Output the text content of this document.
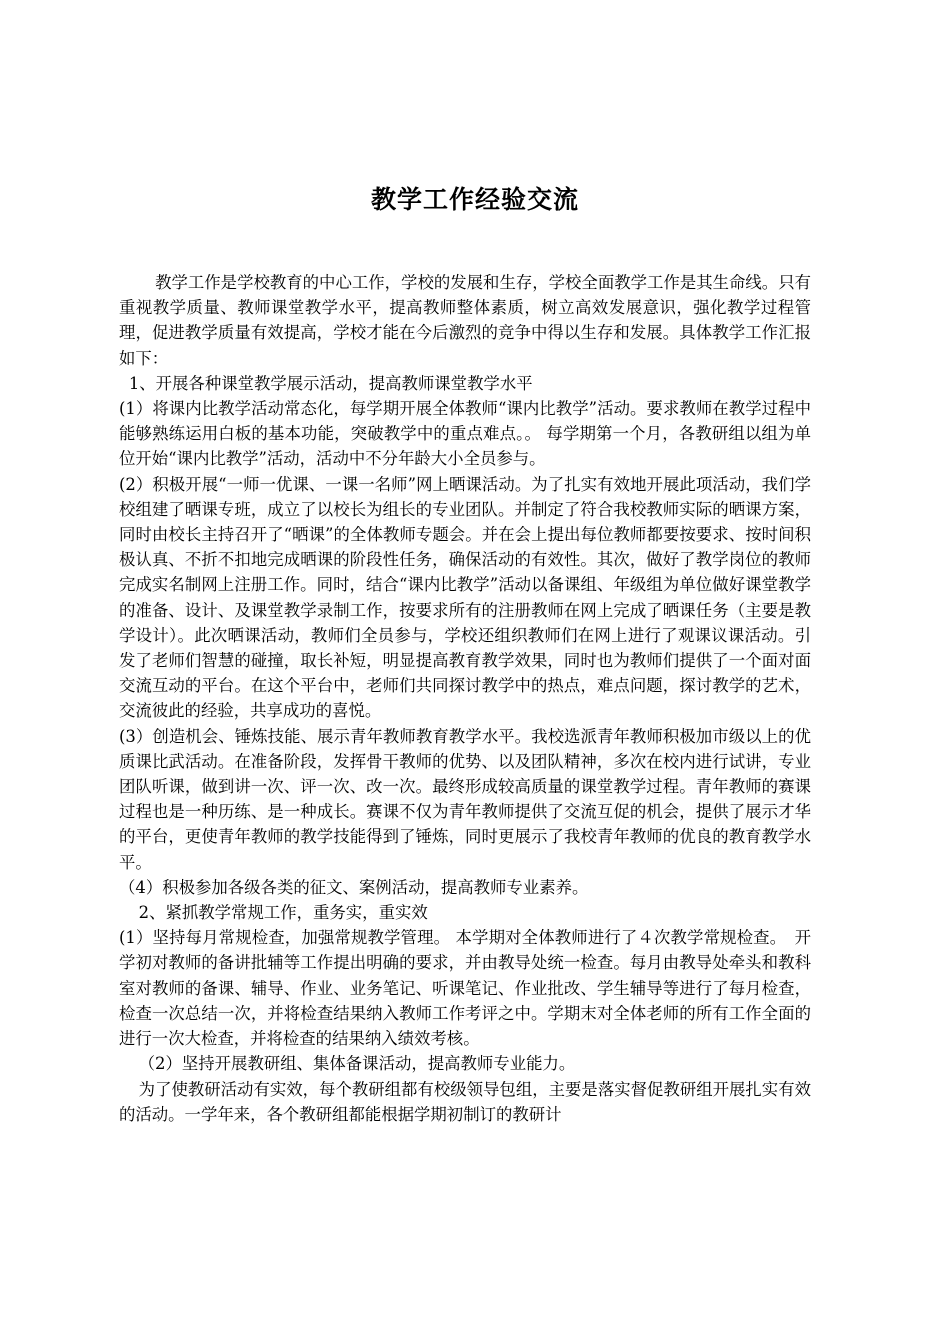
教学工作经验交流

教学工作是学校教育的中心工作，学校的发展和生存，学校全面教学工作是其生命线。只有重视教学质量、教师课堂教学水平，提高教师整体素质，树立高效发展意识，强化教学过程管理，促进教学质量有效提高，学校才能在今后激烈的竞争中得以生存和发展。具体教学工作汇报如下：

1、开展各种课堂教学展示活动，提高教师课堂教学水平

(1）将课内比教学活动常态化，每学期开展全体教师“课内比教学”活动。要求教师在教学过程中能够熟练运用白板的基本功能，突破教学中的重点难点。。 每学期第一个月，各教研组以组为单位开始“课内比教学”活动，活动中不分年龄大小全员参与。

(2）积极开展“一师一优课、一课一名师”网上晒课活动。为了扎实有效地开展此项活动，我们学校组建了晒课专班，成立了以校长为组长的专业团队。并制定了符合我校教师实际的晒课方案，同时由校长主持召开了“晒课”的全体教师专题会。并在会上提出每位教师都要按要求、按时间积极认真、不折不扣地完成晒课的阶段性任务，确保活动的有效性。其次，做好了教学岗位的教师完成实名制网上注册工作。同时，结合“课内比教学”活动以备课组、年级组为单位做好课堂教学的准备、设计、及课堂教学录制工作，按要求所有的注册教师在网上完成了晒课任务（主要是教学设计）。此次晒课活动，教师们全员参与，学校还组织教师们在网上进行了观课议课活动。引发了老师们智慧的碰撞，取长补短，明显提高教育教学效果，同时也为教师们提供了一个面对面交流互动的平台。在这个平台中，老师们共同探讨教学中的热点，难点问题，探讨教学的艺术，交流彼此的经验，共享成功的喜悦。

(3）创造机会、锤炼技能、展示青年教师教育教学水平。我校选派青年教师积极加市级以上的优质课比武活动。在准备阶段，发挥骨干教师的优势、以及团队精神，多次在校内进行试讲，专业团队听课，做到讲一次、评一次、改一次。最终形成较高质量的课堂教学过程。青年教师的赛课过程也是一种历练、是一种成长。赛课不仅为青年教师提供了交流互促的机会，提供了展示才华的平台，更使青年教师的教学技能得到了锤炼，同时更展示了我校青年教师的优良的教育教学水平。

（4）积极参加各级各类的征文、案例活动，提高教师专业素养。

2、紧抓教学常规工作，重务实，重实效

(1）坚持每月常规检查，加强常规教学管理。 本学期对全体教师进行了４次教学常规检查。　开学初对教师的备讲批辅等工作提出明确的要求，并由教导处统一检查。每月由教导处牵头和教科室对教师的备课、辅导、作业、业务笔记、听课笔记、作业批改、学生辅导等进行了每月检查，检查一次总结一次，并将检查结果纳入教师工作考评之中。学期末对全体老师的所有工作全面的进行一次大检查，并将检查的结果纳入绩效考核。

（2）坚持开展教研组、集体备课活动，提高教师专业能力。

为了使教研活动有实效，每个教研组都有校级领导包组，主要是落实督促教研组开展扎实有效的活动。一学年来，各个教研组都能根据学期初制订的教研计
